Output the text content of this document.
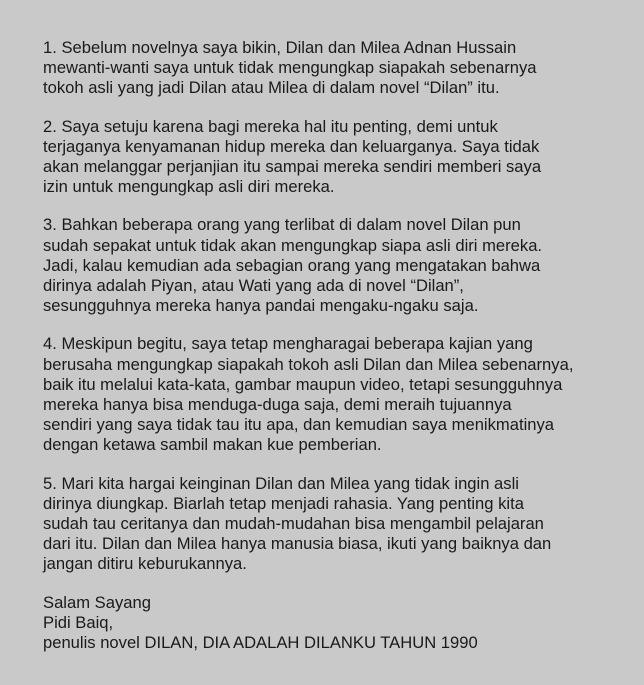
1. Sebelum novelnya saya bikin, Dilan dan Milea Adnan Hussain
mewanti-wanti saya untuk tidak mengungkap siapakah sebenarnya
tokoh asli yang jadi Dilan atau Milea di dalam novel “Dilan” itu.
2. Saya setuju karena bagi mereka hal itu penting, demi untuk
terjaganya kenyamanan hidup mereka dan keluarganya. Saya tidak
akan melanggar perjanjian itu sampai mereka sendiri memberi saya
izin untuk mengungkap asli diri mereka.
3. Bahkan beberapa orang yang terlibat di dalam novel Dilan pun
sudah sepakat untuk tidak akan mengungkap siapa asli diri mereka.
Jadi, kalau kemudian ada sebagian orang yang mengatakan bahwa
dirinya adalah Piyan, atau Wati yang ada di novel “Dilan”,
sesungguhnya mereka hanya pandai mengaku-ngaku saja.
4. Meskipun begitu, saya tetap mengharagai beberapa kajian yang
berusaha mengungkap siapakah tokoh asli Dilan dan Milea sebenarnya,
baik itu melalui kata-kata, gambar maupun video, tetapi sesungguhnya
mereka hanya bisa menduga-duga saja, demi meraih tujuannya
sendiri yang saya tidak tau itu apa, dan kemudian saya menikmatinya
dengan ketawa sambil makan kue pemberian.
5. Mari kita hargai keinginan Dilan dan Milea yang tidak ingin asli
dirinya diungkap. Biarlah tetap menjadi rahasia. Yang penting kita
sudah tau ceritanya dan mudah-mudahan bisa mengambil pelajaran
dari itu. Dilan dan Milea hanya manusia biasa, ikuti yang baiknya dan
jangan ditiru keburukannya.
Salam Sayang
Pidi Baiq,
penulis novel DILAN, DIA ADALAH DILANKU TAHUN 1990
